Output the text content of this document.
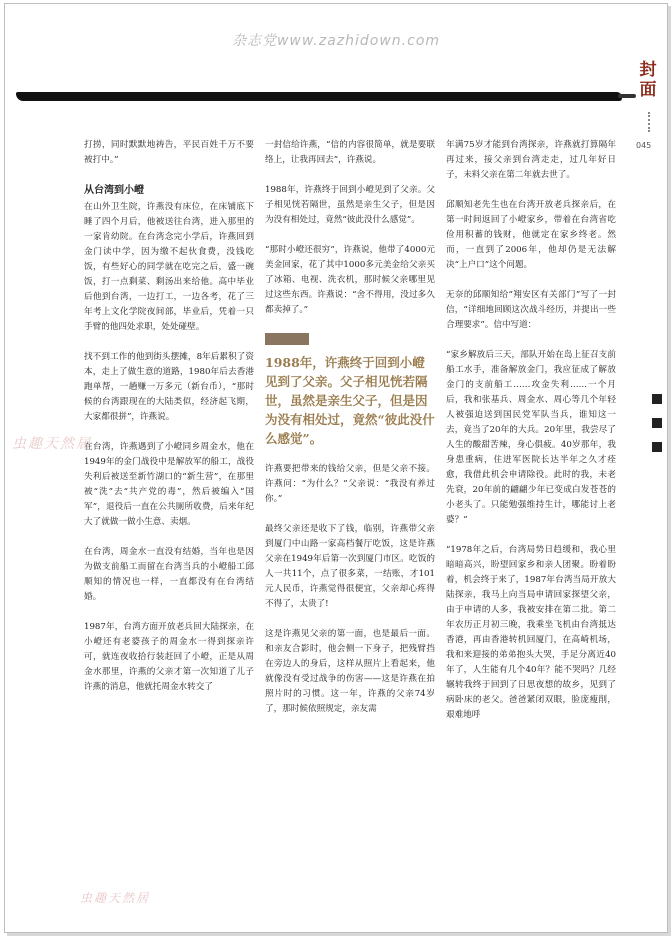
杂志党www.zazhidown.com
封面
045

打捞，同时默默地祷告，平民百姓千万不要被打中。”

从台湾到小嶝

在山外卫生院，许燕没有床位，在床铺底下睡了四个月后，他被送往台湾，进入那里的一家肯幼院。在台湾念完小学后，许燕回到金门读中学，因为缴不起伙食费，没钱吃饭，有些好心的同学就在吃完之后，盛一碗饭，打一点剩菜、剩汤出来给他。高中毕业后他到台湾，一边打工，一边各考，花了三年考上文化学院夜间部，毕业后，凭着一只手臂的他四处求职，处处碰壁。

找不到工作的他到街头摆摊，8年后累积了资本，走上了做生意的道路，1980年后去香港跑单帮，一趟赚一万多元（新台币），“那时候的台湾跟现在的大陆类似，经济起飞期，大家都很拼”，许燕说。

在台湾，许燕遇到了小嶝同乡周金水，他在1949年的金门战役中是解放军的船工，战役失利后被送至新竹湖口的“新生营”，在那里被“洗”去“共产党的毒”，然后被编入“国军”，退役后一直在公共厕所收费，后来年纪大了就做一做小生意、卖烟。

在台湾，周金水一直没有结婚，当年也是因为做支前船工而留在台湾当兵的小嶝船工邱顺知的情况也一样，一直都没有在台湾结婚。

1987年，台湾方面开放老兵回大陆探亲，在小嶝还有老婆孩子的周金水一得到探亲许可，就连夜收拾行装赶回了小嶝，正是从周金水那里，许燕的父亲才第一次知道了儿子许燕的消息，他就托周金水转交了

一封信给许燕，“信的内容很简单，就是要联络上，让我再回去”，许燕说。

1988年，许燕终于回到小嶝见到了父亲。父子相见恍若隔世，虽然是亲生父子，但是因为没有相处过，竟然“彼此没什么感觉”。

“那时小嶝还很穷”，许燕说，他带了4000元美金回家，花了其中1000多元美金给父亲买了冰箱、电视、洗衣机，那时候父亲哪里见过这些东西。许燕说：“舍不得用，没过多久都卖掉了。”

1988年，许燕终于回到小嶝见到了父亲。父子相见恍若隔世，虽然是亲生父子，但是因为没有相处过，竟然“彼此没什么感觉”。

许燕要把带来的钱给父亲，但是父亲不接。许燕问：“为什么？”父亲说：“我没有养过你。”

最终父亲还是收下了钱，临别，许燕带父亲到厦门中山路一家高档餐厅吃饭，这是许燕父亲在1949年后第一次到厦门市区。吃饭的人一共11个，点了很多菜，一结账，才101元人民币，许燕觉得很便宜，父亲却心疼得不得了，太贵了!

这是许燕见父亲的第一面，也是最后一面。和亲友合影时，他会侧一下身子，把残臂挡在旁边人的身后，这样从照片上看起来，他就像没有受过战争的伤害——这是许燕在拍照片时的习惯。这一年，许燕的父亲74岁了，那时候依照规定，亲友需

年满75岁才能到台湾探亲，许燕就打算隔年再过来，接父亲到台湾走走，过几年好日子，未料父亲在第二年就去世了。

邱顺知老先生也在台湾开放老兵探亲后，在第一时间返回了小嶝家乡，带着在台湾省吃俭用积蓄的钱财，他就定在家乡终老。然而，一直到了2006年，他却仍是无法解决“上户口”这个问题。

无奈的邱顺知给“翔安区有关部门”写了一封信，“详细地回顾这次战斗经历，并提出一些合理要求”。信中写道：

“家乡解放后三天，部队开始在岛上征召支前船工水手，准备解放金门，我应征成了解放金门的支前船工……攻金失利……一个月后，我和张基兵、周金水、周心等几个年轻人被强迫送到国民党军队当兵，谁知这一去，竟当了20年的大兵。20年里，我尝尽了人生的酸甜苦辣，身心俱疲。40岁那年，我身患重病，住进军医院长达半年之久才痊愈，我借此机会申请除役。此时的我，未老先衰，20年前的翩翩少年已变成白发苍苍的小老头了。只能勉强维持生计，哪能讨上老婆？”

“1978年之后，台湾局势日趋缓和，我心里暗暗高兴，盼望回家乡和亲人团聚。盼着盼着，机会终于来了，1987年台湾当局开放大陆探亲，我马上向当局申请回家探望父亲，由于申请的人多，我被安排在第二批。第二年农历正月初三晚，我乘坐飞机由台湾抵达香港，再由香港转机回厦门，在高崎机场，我和来迎接的弟弟抱头大哭，手足分离近40年了，人生能有几个40年？能不哭吗？几经辗转我终于回到了日思夜想的故乡，见到了病卧床的老父。爸爸紧闭双眼，脸庞瘦削，艰难地呼

虫趣天然居
虫趣天然居
